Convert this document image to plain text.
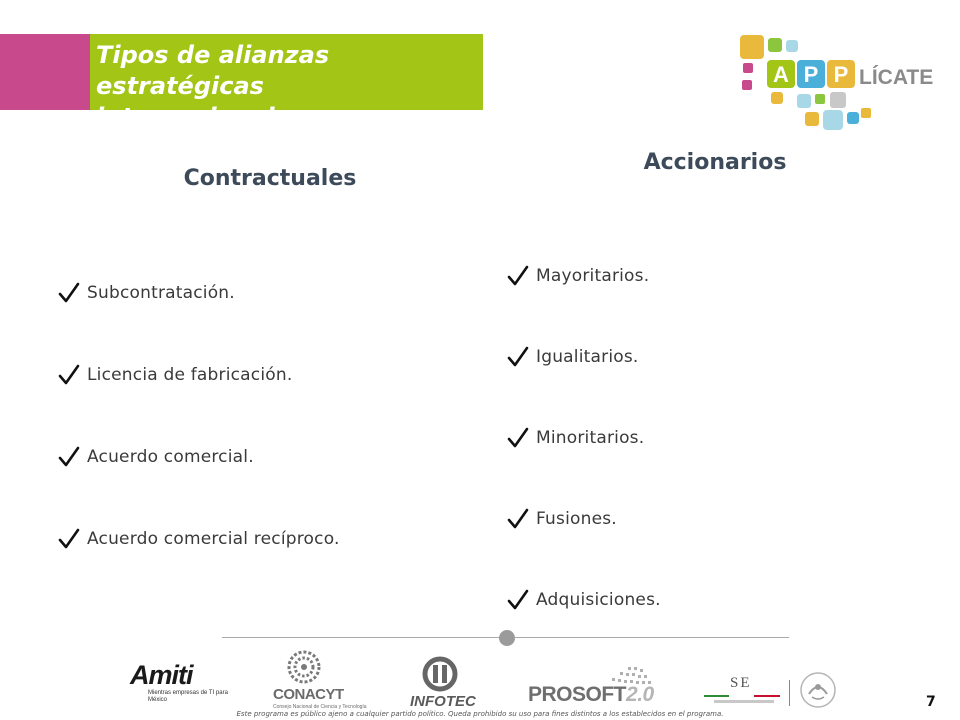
Tipos de alianzas
estratégicas internacionales
A P P LÍCATE
Contractuales
Accionarios
Subcontratación.
Licencia de fabricación.
Acuerdo comercial.
Acuerdo comercial recíproco.
Mayoritarios.
Igualitarios.
Minoritarios.
Fusiones.
Adquisiciones.
Amiti
Mientras empresas de TI para México	CONACYT
Consejo Nacional de Ciencia y Tecnología	INFOTEC PROSOFT2.0	SE
Este programa es público ajeno a cualquier partido político. Queda prohibido su uso para fines distintos a los establecidos en el programa.
7
